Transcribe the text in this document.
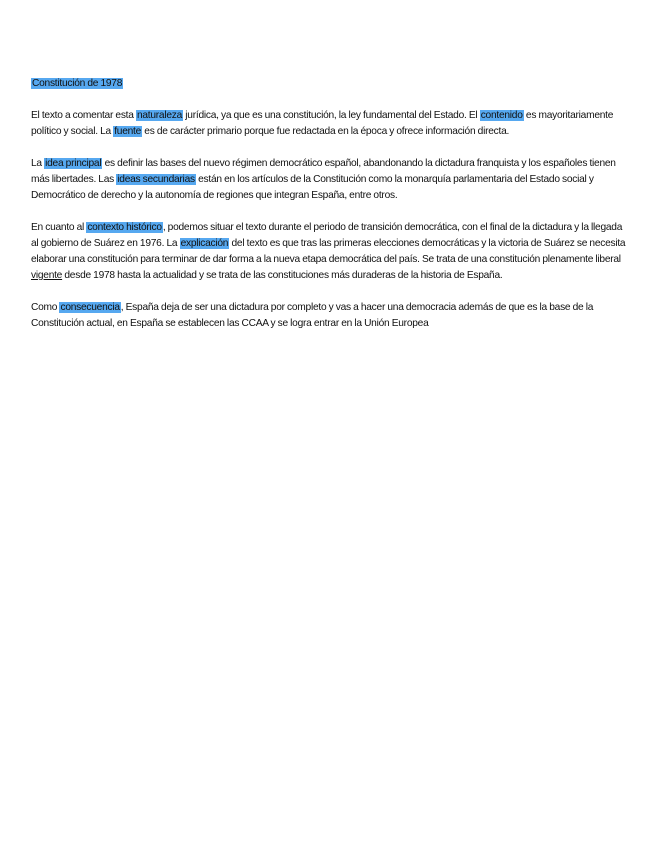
Constitución de 1978

El texto a comentar esta naturaleza jurídica, ya que es una constitución, la ley fundamental del Estado. El contenido es mayoritariamente político y social. La fuente es de carácter primario porque fue redactada en la época y ofrece información directa.

La idea principal es definir las bases del nuevo régimen democrático español, abandonando la dictadura franquista y los españoles tienen más libertades. Las ideas secundarias están en los artículos de la Constitución como la monarquía parlamentaria del Estado social y Democrático de derecho y la autonomía de regiones que integran España, entre otros.

En cuanto al contexto histórico, podemos situar el texto durante el periodo de transición democrática, con el final de la dictadura y la llegada al gobierno de Suárez en 1976. La explicación del texto es que tras las primeras elecciones democráticas y la victoria de Suárez se necesita elaborar una constitución para terminar de dar forma a la nueva etapa democrática del país. Se trata de una constitución plenamente liberal vigente desde 1978 hasta la actualidad y se trata de las constituciones más duraderas de la historia de España.

Como consecuencia, España deja de ser una dictadura por completo y vas a hacer una democracia además de que es la base de la Constitución actual, en España se establecen las CCAA y se logra entrar en la Unión Europea
